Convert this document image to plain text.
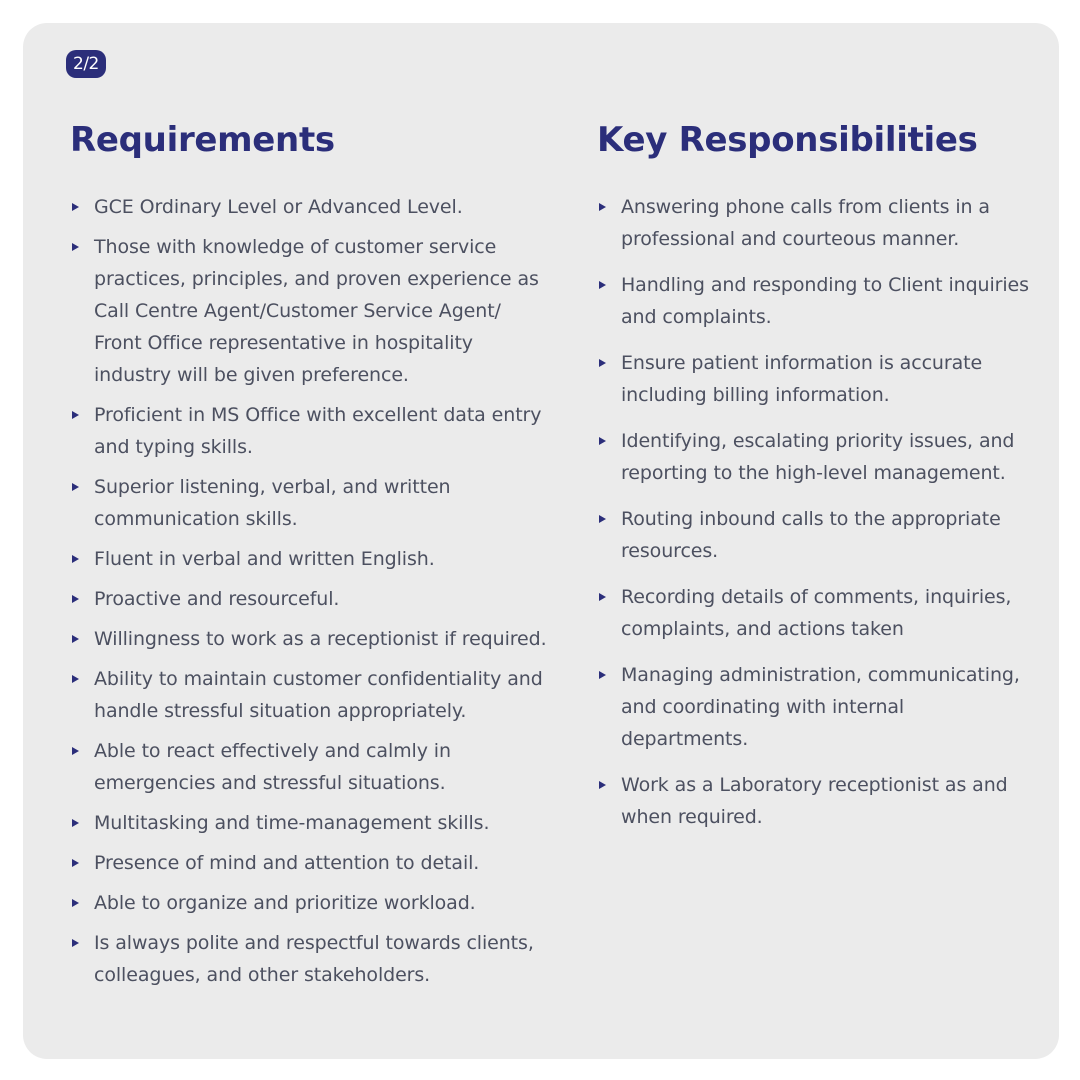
2/2
Requirements
GCE Ordinary Level or Advanced Level.
Those with knowledge of customer service practices, principles, and proven experience as Call Centre Agent/Customer Service Agent/ Front Office representative in hospitality industry will be given preference.
Proficient in MS Office with excellent data entry and typing skills.
Superior listening, verbal, and written communication skills.
Fluent in verbal and written English.
Proactive and resourceful.
Willingness to work as a receptionist if required.
Ability to maintain customer confidentiality and handle stressful situation appropriately.
Able to react effectively and calmly in emergencies and stressful situations.
Multitasking and time-management skills.
Presence of mind and attention to detail.
Able to organize and prioritize workload.
Is always polite and respectful towards clients, colleagues, and other stakeholders.
Key Responsibilities
Answering phone calls from clients in a professional and courteous manner.
Handling and responding to Client inquiries and complaints.
Ensure patient information is accurate including billing information.
Identifying, escalating priority issues, and reporting to the high-level management.
Routing inbound calls to the appropriate resources.
Recording details of comments, inquiries, complaints, and actions taken
Managing administration, communicating, and coordinating with internal departments.
Work as a Laboratory receptionist as and when required.
